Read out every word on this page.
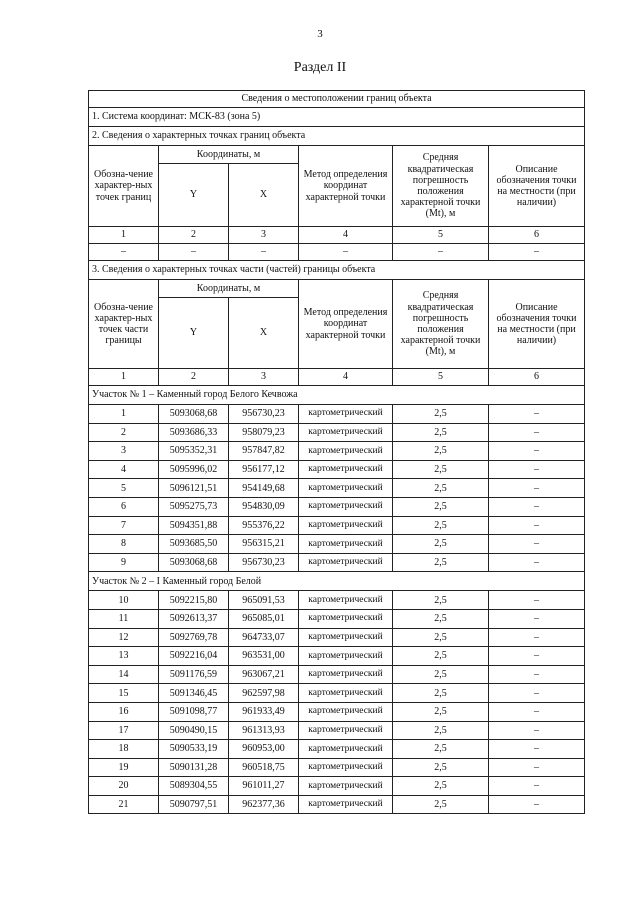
3
Раздел II
Сведения о местоположении границ объекта					
1. Система координат: МСК-83 (зона 5)					
2. Сведения о характерных точках границ объекта					
Обозна-чение характер-ных точек границ	Координаты, м		Метод определения координат характерной точки	Средняя квадратическая погрешность положения характерной точки (Mt), м	Описание обозначения точки на местности (при наличии)
	Y	X			
1	2	3	4	5	6
–	–	–	–	–	–
3. Сведения о характерных точках части (частей) границы объекта					
Обозна-чение характер-ных точек части границы	Координаты, м		Метод определения координат характерной точки	Средняя квадратическая погрешность положения характерной точки (Mt), м	Описание обозначения точки на местности (при наличии)
	Y	X			
1	2	3	4	5	6
Участок № 1 – Каменный город Белого Кечвожа					
1	5093068,68	956730,23	картометрический	2,5	–
2	5093686,33	958079,23	картометрический	2,5	–
3	5095352,31	957847,82	картометрический	2,5	–
4	5095996,02	956177,12	картометрический	2,5	–
5	5096121,51	954149,68	картометрический	2,5	–
6	5095275,73	954830,09	картометрический	2,5	–
7	5094351,88	955376,22	картометрический	2,5	–
8	5093685,50	956315,21	картометрический	2,5	–
9	5093068,68	956730,23	картометрический	2,5	–
Участок № 2 – I Каменный город Белой					
10	5092215,80	965091,53	картометрический	2,5	–
11	5092613,37	965085,01	картометрический	2,5	–
12	5092769,78	964733,07	картометрический	2,5	–
13	5092216,04	963531,00	картометрический	2,5	–
14	5091176,59	963067,21	картометрический	2,5	–
15	5091346,45	962597,98	картометрический	2,5	–
16	5091098,77	961933,49	картометрический	2,5	–
17	5090490,15	961313,93	картометрический	2,5	–
18	5090533,19	960953,00	картометрический	2,5	–
19	5090131,28	960518,75	картометрический	2,5	–
20	5089304,55	961011,27	картометрический	2,5	–
21	5090797,51	962377,36	картометрический	2,5	–
